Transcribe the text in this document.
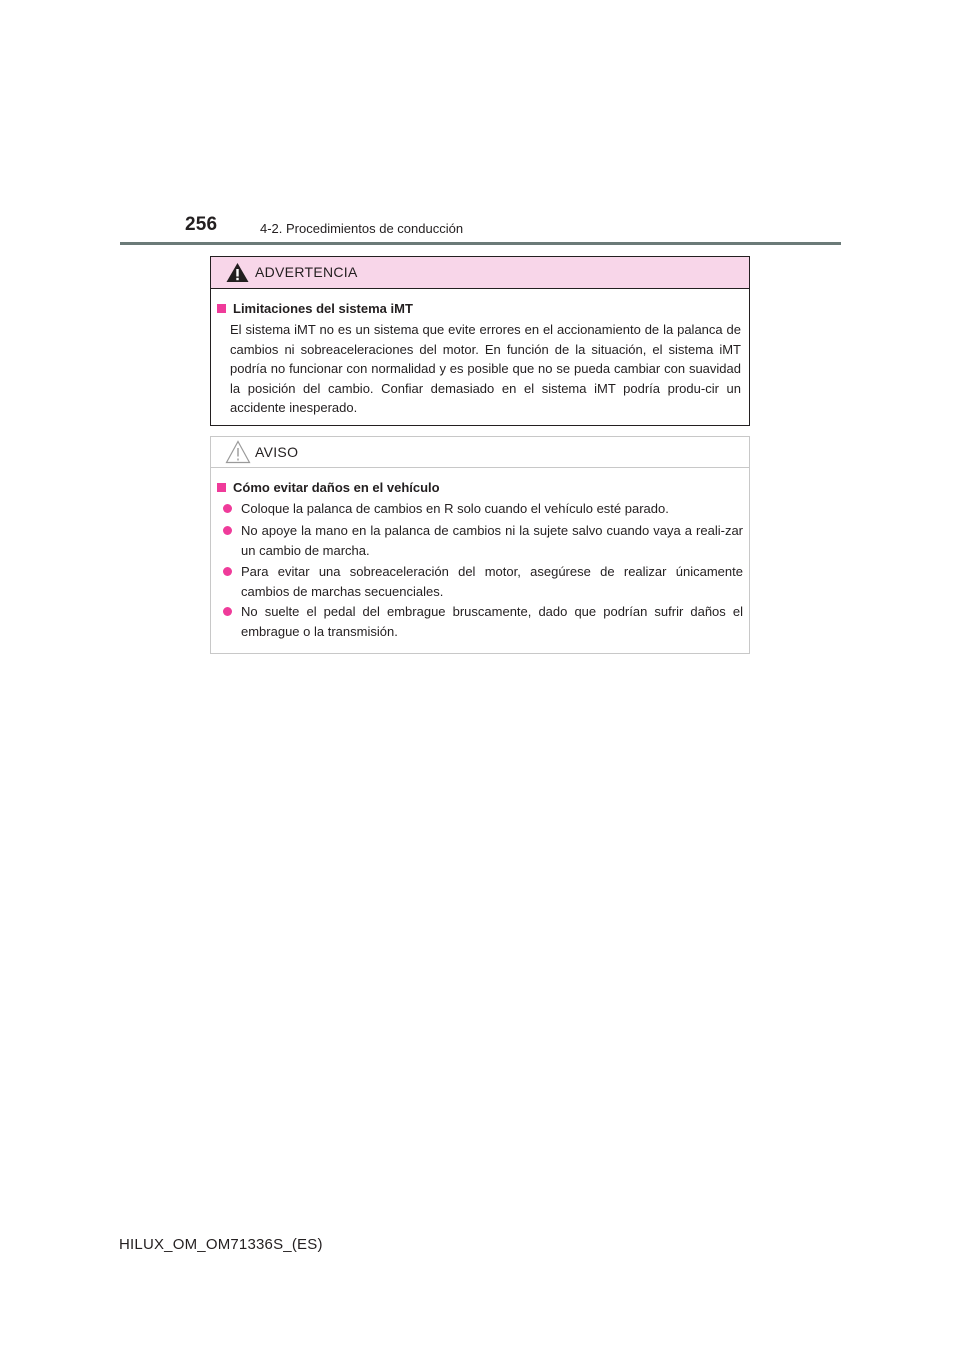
256	4-2. Procedimientos de conducción
ADVERTENCIA
Limitaciones del sistema iMT
El sistema iMT no es un sistema que evite errores en el accionamiento de la palanca de cambios ni sobreaceleraciones del motor. En función de la situación, el sistema iMT podría no funcionar con normalidad y es posible que no se pueda cambiar con suavidad la posición del cambio. Confiar demasiado en el sistema iMT podría produ-cir un accidente inesperado.
AVISO
Cómo evitar daños en el vehículo
Coloque la palanca de cambios en R solo cuando el vehículo esté parado.
No apoye la mano en la palanca de cambios ni la sujete salvo cuando vaya a reali-zar un cambio de marcha.
Para evitar una sobreaceleración del motor, asegúrese de realizar únicamente cambios de marchas secuenciales.
No suelte el pedal del embrague bruscamente, dado que podrían sufrir daños el embrague o la transmisión.
HILUX_OM_OM71336S_(ES)
